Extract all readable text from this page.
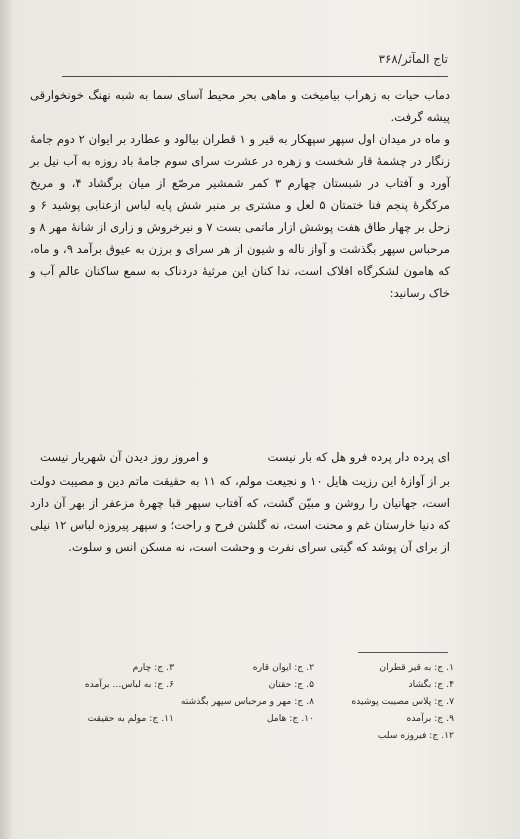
تاج المآثر/۳۶۸

دماب حیات به زهراب بیامیخت و ماهی بحر محیط آسای سما به شبه نهنگ خونخوارقی پیشه گرفت.

و ماه در میدان اول سپهر سپهکار به قیر و ۱ قطران بیالود و عطارد بر ایوان ۲ دوم جامهٔ زنگار در چشمهٔ قار شخست و زهره در عشرت سرای سوم جامهٔ باد روزه به آب نیل بر آورد و آفتاب در شبستان چهارم ۳ کمر شمشیر مرصّع از میان برگشاد ۴، و مریخ مرکگرهٔ پنجم فنا ختمتان ۵ لعل و مشتری بر منبر شش پایه لباس ازعنابی پوشید ۶ و زحل بر چهار طاق هفت پوشش ازار ماتمی بست ۷ و نیرخروش و زاری از شانهٔ مهر ۸ و مرحباس سپهر بگذشت و آواز ناله و شیون از هر سرای و برزن به عیوق برآمد ۹، و ماه، که هامون لشکرگاه افلاک است، ندا کنان این مرثیهٔ دردناک به سمع ساکنان عالم آب و خاک رسانید:

ای پرده دار پرده فرو هل که بار نیست
و امروز روز دیدن آن شهریار نیست
بر از آوازهٔ این رزیت هایل ۱۰ و نجیعت مولم، که ۱۱ به حقیقت ماتم دین و مصیبت دولت است، جهانیان را روشن و مبیّن گشت، که آفتاب سپهر قبا چهرهٔ مزعفر از بهر آن دارد که دنیا خارستان غم و محنت است، نه گلشن فرح و راحت؛ و سپهر پیروزه لباس ۱۲ نیلی از برای آن پوشد که گیتی سرای نفرت و وحشت است، نه مسکن انس و سلوت.
۱. ج: به قیر قطران
۲. ج: ایوان قاره
۳. ج: چارم
۴. ج: بگشاد
۵. ج: حقتان
۶. ج: به لباس... برآمده
۷. ج: پلاس مصیبت پوشیده
۸. ج: مهر و مرحباس سپهر بگذشته
۹. ج: برآمده
۱۰. ج: هامل
۱۱. ج: مولم به حقیقت
۱۲. ج: فیروزه سلب
